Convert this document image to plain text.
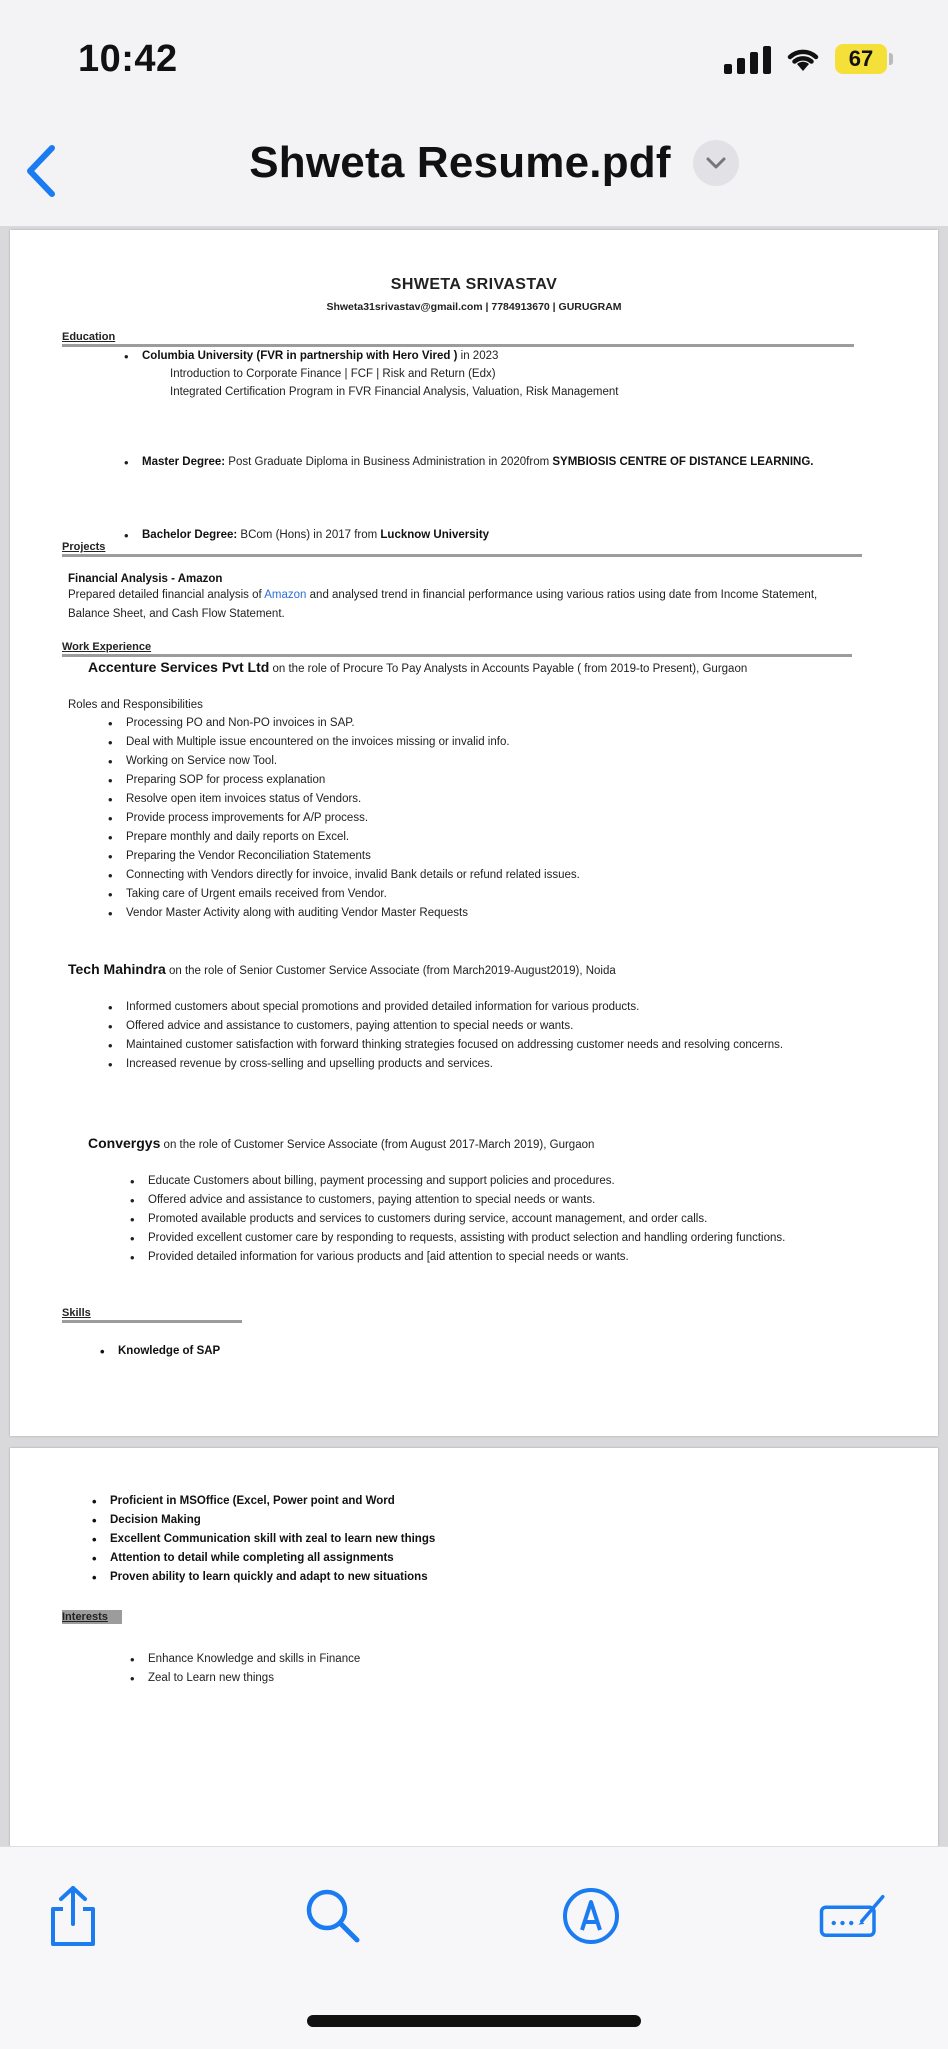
10:42	67
Shweta Resume.pdf
SHWETA SRIVASTAV
Shweta31srivastav@gmail.com | 7784913670 | GURUGRAM
Education
• Columbia University (FVR in partnership with Hero Vired ) in 2023
Introduction to Corporate Finance | FCF | Risk and Return (Edx)
Integrated Certification Program in FVR Financial Analysis, Valuation, Risk Management
• Master Degree: Post Graduate Diploma in Business Administration in 2020from SYMBIOSIS CENTRE OF DISTANCE LEARNING.
• Bachelor Degree: BCom (Hons) in 2017 from Lucknow University
Projects
Financial Analysis - Amazon
Prepared detailed financial analysis of Amazon and analysed trend in financial performance using various ratios using date from Income Statement, Balance Sheet, and Cash Flow Statement.
Work Experience
Accenture Services Pvt Ltd on the role of Procure To Pay Analysts in Accounts Payable ( from 2019-to Present), Gurgaon
Roles and Responsibilities
• Processing PO and Non-PO invoices in SAP.
• Deal with Multiple issue encountered on the invoices missing or invalid info.
• Working on Service now Tool.
• Preparing SOP for process explanation
• Resolve open item invoices status of Vendors.
• Provide process improvements for A/P process.
• Prepare monthly and daily reports on Excel.
• Preparing the Vendor Reconciliation Statements
• Connecting with Vendors directly for invoice, invalid Bank details or refund related issues.
• Taking care of Urgent emails received from Vendor.
• Vendor Master Activity along with auditing Vendor Master Requests
Tech Mahindra on the role of Senior Customer Service Associate (from March2019-August2019), Noida
• Informed customers about special promotions and provided detailed information for various products.
• Offered advice and assistance to customers, paying attention to special needs or wants.
• Maintained customer satisfaction with forward thinking strategies focused on addressing customer needs and resolving concerns.
• Increased revenue by cross-selling and upselling products and services.
Convergys on the role of Customer Service Associate (from August 2017-March 2019), Gurgaon
• Educate Customers about billing, payment processing and support policies and procedures.
• Offered advice and assistance to customers, paying attention to special needs or wants.
• Promoted available products and services to customers during service, account management, and order calls.
• Provided excellent customer care by responding to requests, assisting with product selection and handling ordering functions.
• Provided detailed information for various products and [aid attention to special needs or wants.
Skills
• Knowledge of SAP
• Proficient in MSOffice (Excel, Power point and Word
• Decision Making
• Excellent Communication skill with zeal to learn new things
• Attention to detail while completing all assignments
• Proven ability to learn quickly and adapt to new situations
Interests
• Enhance Knowledge and skills in Finance
• Zeal to Learn new things
